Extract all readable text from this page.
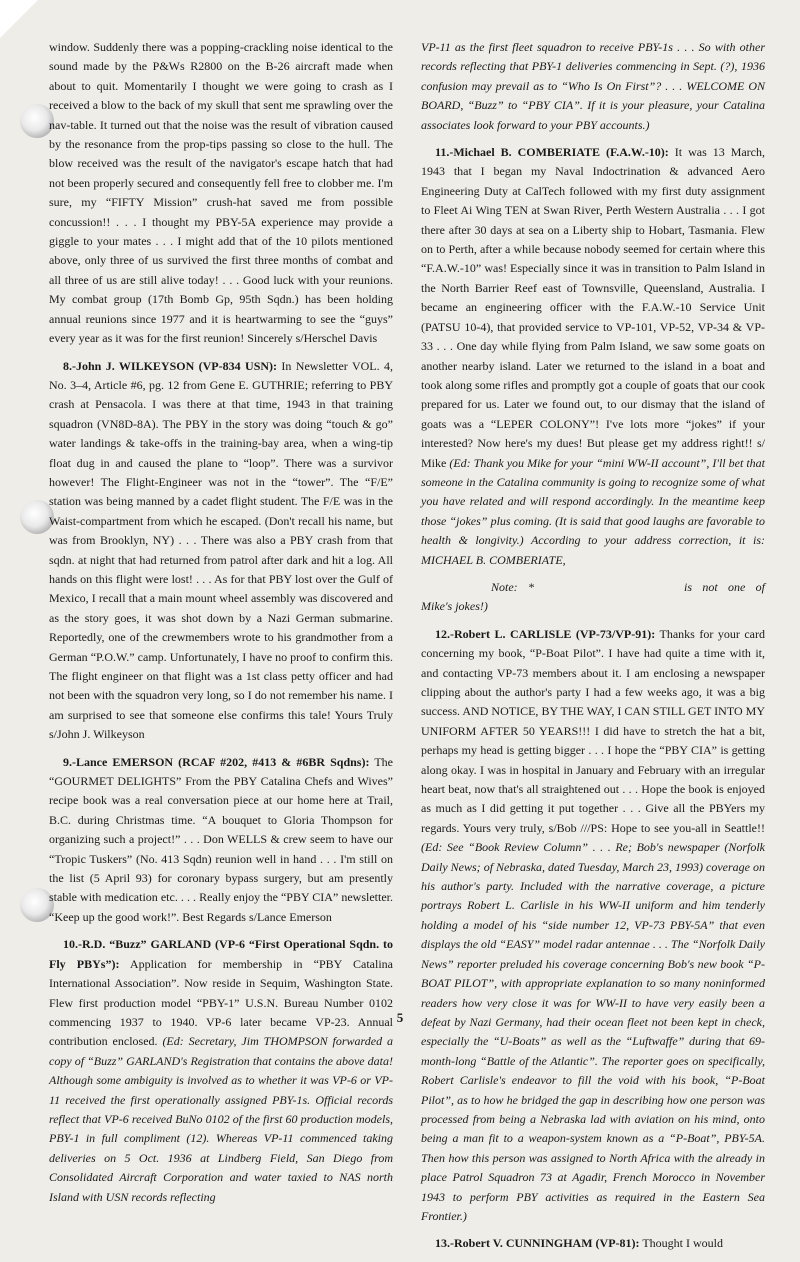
window. Suddenly there was a popping-crackling noise identical to the sound made by the P&Ws R2800 on the B-26 aircraft made when about to quit. Momentarily I thought we were going to crash as I received a blow to the back of my skull that sent me sprawling over the nav-table. It turned out that the noise was the result of vibration caused by the resonance from the prop-tips passing so close to the hull. The blow received was the result of the navigator's escape hatch that had not been properly secured and consequently fell free to clobber me. I'm sure, my “FIFTY Mission” crush-hat saved me from possible concussion!! . . . I thought my PBY-5A experience may provide a giggle to your mates . . . I might add that of the 10 pilots mentioned above, only three of us survived the first three months of combat and all three of us are still alive today! . . . Good luck with your reunions. My combat group (17th Bomb Gp, 95th Sqdn.) has been holding annual reunions since 1977 and it is heartwarming to see the “guys” every year as it was for the first reunion! Sincerely s/Herschel Davis

8.-John J. WILKEYSON (VP-834 USN): In Newsletter VOL. 4, No. 3–4, Article #6, pg. 12 from Gene E. GUTHRIE; referring to PBY crash at Pensacola. I was there at that time, 1943 in that training squadron (VN8D-8A). The PBY in the story was doing “touch & go” water landings & take-offs in the training-bay area, when a wing-tip float dug in and caused the plane to “loop”. There was a survivor however! The Flight-Engineer was not in the “tower”. The “F/E” station was being manned by a cadet flight student. The F/E was in the Waist-compartment from which he escaped. (Don't recall his name, but was from Brooklyn, NY) . . . There was also a PBY crash from that sqdn. at night that had returned from patrol after dark and hit a log. All hands on this flight were lost! . . . As for that PBY lost over the Gulf of Mexico, I recall that a main mount wheel assembly was discovered and as the story goes, it was shot down by a Nazi German submarine. Reportedly, one of the crewmembers wrote to his grandmother from a German “P.O.W.” camp. Unfortunately, I have no proof to confirm this. The flight engineer on that flight was a 1st class petty officer and had not been with the squadron very long, so I do not remember his name. I am surprised to see that someone else confirms this tale! Yours Truly s/John J. Wilkeyson

9.-Lance EMERSON (RCAF #202, #413 & #6BR Sqdns): The “GOURMET DELIGHTS” From the PBY Catalina Chefs and Wives” recipe book was a real conversation piece at our home here at Trail, B.C. during Christmas time. “A bouquet to Gloria Thompson for organizing such a project!” . . . Don WELLS & crew seem to have our “Tropic Tuskers” (No. 413 Sqdn) reunion well in hand . . . I'm still on the list (5 April 93) for coronary bypass surgery, but am presently stable with medication etc. . . . Really enjoy the “PBY CIA” newsletter. “Keep up the good work!”. Best Regards s/Lance Emerson

10.-R.D. “Buzz” GARLAND (VP-6 “First Operational Sqdn. to Fly PBYs”): Application for membership in “PBY Catalina International Association”. Now reside in Sequim, Washington State. Flew first production model “PBY-1” U.S.N. Bureau Number 0102 commencing 1937 to 1940. VP-6 later became VP-23. Annual contribution enclosed. (Ed: Secretary, Jim THOMPSON forwarded a copy of “Buzz” GARLAND's Registration that contains the above data! Although some ambiguity is involved as to whether it was VP-6 or VP-11 received the first operationally assigned PBY-1s. Official records reflect that VP-6 received BuNo 0102 of the first 60 production models, PBY-1 in full compliment (12). Whereas VP-11 commenced taking deliveries on 5 Oct. 1936 at Lindberg Field, San Diego from Consolidated Aircraft Corporation and water taxied to NAS north Island with USN records reflecting

VP-11 as the first fleet squadron to receive PBY-1s . . . So with other records reflecting that PBY-1 deliveries commencing in Sept. (?), 1936 confusion may prevail as to “Who Is On First”? . . . WELCOME ON BOARD, “Buzz” to “PBY CIA”. If it is your pleasure, your Catalina associates look forward to your PBY accounts.)

11.-Michael B. COMBERIATE (F.A.W.-10): It was 13 March, 1943 that I began my Naval Indoctrination & advanced Aero Engineering Duty at CalTech followed with my first duty assignment to Fleet Ai Wing TEN at Swan River, Perth Western Australia . . . I got there after 30 days at sea on a Liberty ship to Hobart, Tasmania. Flew on to Perth, after a while because nobody seemed for certain where this “F.A.W.-10” was! Especially since it was in transition to Palm Island in the North Barrier Reef east of Townsville, Queensland, Australia. I became an engineering officer with the F.A.W.-10 Service Unit (PATSU 10-4), that provided service to VP-101, VP-52, VP-34 & VP-33 . . . One day while flying from Palm Island, we saw some goats on another nearby island. Later we returned to the island in a boat and took along some rifles and promptly got a couple of goats that our cook prepared for us. Later we found out, to our dismay that the island of goats was a “LEPER COLONY”! I've lots more “jokes” if your interested? Now here's my dues! But please get my address right!! s/ Mike (Ed: Thank you Mike for your “mini WW-II account”, I'll bet that someone in the Catalina community is going to recognize some of what you have related and will respond accordingly. In the meantime keep those “jokes” plus coming. (It is said that good laughs are favorable to health & longivity.) According to your address correction, it is: MICHAEL B. COMBERIATE,

Note: *	is not one of Mike's jokes!)

12.-Robert L. CARLISLE (VP-73/VP-91): Thanks for your card concerning my book, “P-Boat Pilot”. I have had quite a time with it, and contacting VP-73 members about it. I am enclosing a newspaper clipping about the author's party I had a few weeks ago, it was a big success. AND NOTICE, BY THE WAY, I CAN STILL GET INTO MY UNIFORM AFTER 50 YEARS!!! I did have to stretch the hat a bit, perhaps my head is getting bigger . . . I hope the “PBY CIA” is getting along okay. I was in hospital in January and February with an irregular heart beat, now that's all straightened out . . . Hope the book is enjoyed as much as I did getting it put together . . . Give all the PBYers my regards. Yours very truly, s/Bob ///PS: Hope to see you-all in Seattle!! (Ed: See “Book Review Column” . . . Re; Bob's newspaper (Norfolk Daily News; of Nebraska, dated Tuesday, March 23, 1993) coverage on his author's party. Included with the narrative coverage, a picture portrays Robert L. Carlisle in his WW-II uniform and him tenderly holding a model of his “side number 12, VP-73 PBY-5A” that even displays the old “EASY” model radar antennae . . . The “Norfolk Daily News” reporter preluded his coverage concerning Bob's new book “P-BOAT PILOT”, with appropriate explanation to so many noninformed readers how very close it was for WW-II to have very easily been a defeat by Nazi Germany, had their ocean fleet not been kept in check, especially the “U-Boats” as well as the “Luftwaffe” during that 69-month-long “Battle of the Atlantic”. The reporter goes on specifically, Robert Carlisle's endeavor to fill the void with his book, “P-Boat Pilot”, as to how he bridged the gap in describing how one person was processed from being a Nebraska lad with aviation on his mind, onto being a man fit to a weapon-system known as a “P-Boat”, PBY-5A. Then how this person was assigned to North Africa with the already in place Patrol Squadron 73 at Agadir, French Morocco in November 1943 to perform PBY activities as required in the Eastern Sea Frontier.)

13.-Robert V. CUNNINGHAM (VP-81): Thought I would

5
